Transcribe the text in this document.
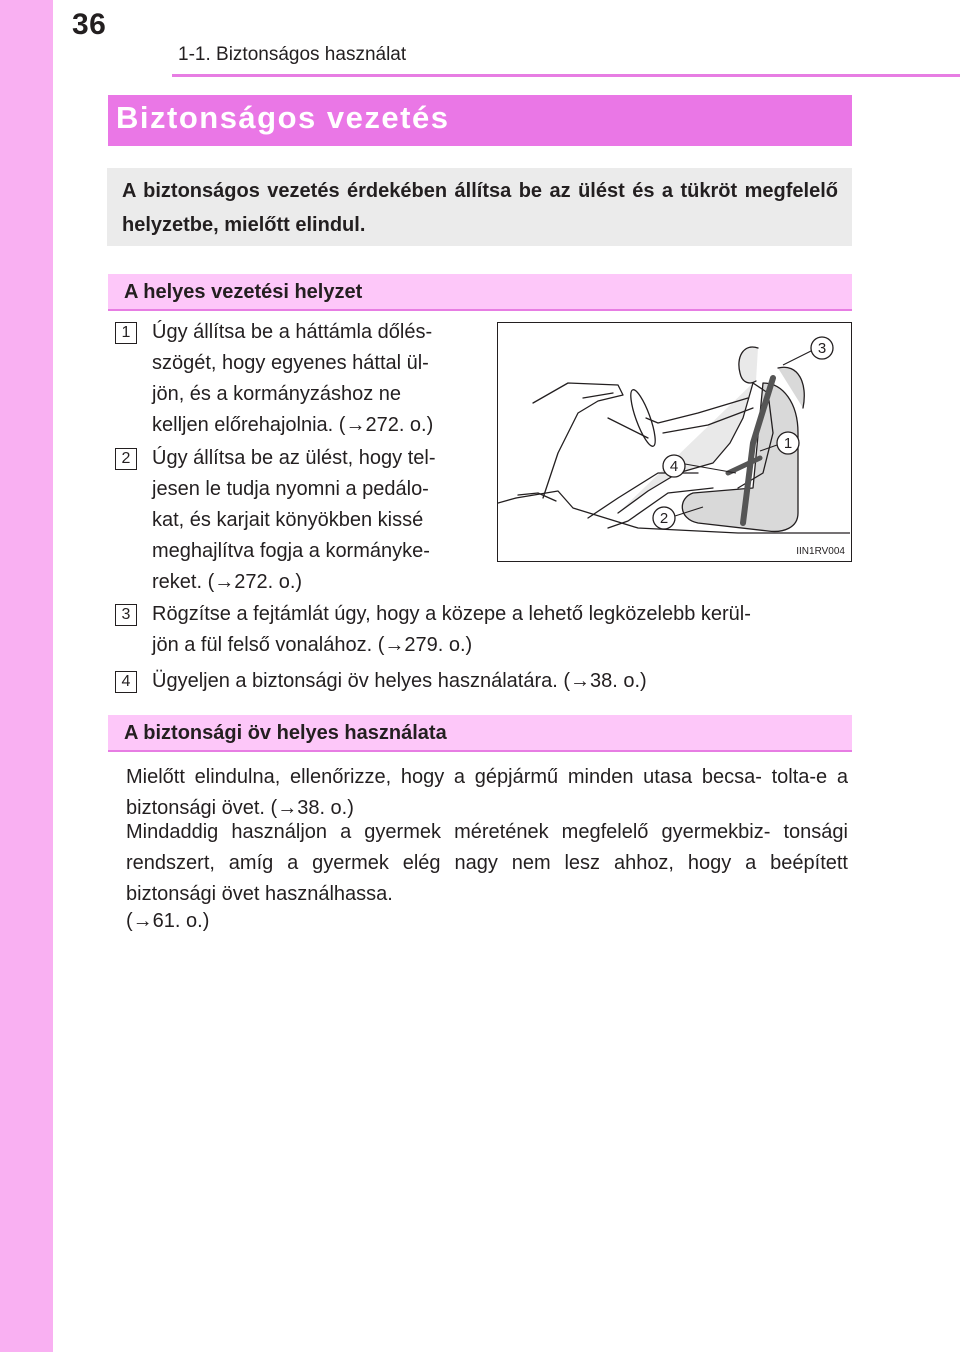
36
1-1. Biztonságos használat
Biztonságos vezetés
A biztonságos vezetés érdekében állítsa be az ülést és a tükröt megfelelő helyzetbe, mielőtt elindul.
A helyes vezetési helyzet
1	Úgy állítsa be a háttámla dőlés-
szögét, hogy egyenes háttal ül-
jön, és a kormányzáshoz ne
kelljen előrehajolnia. (→272. o.)
2	Úgy állítsa be az ülést, hogy tel-
jesen le tudja nyomni a pedálo-
kat, és karjait könyökben kissé
meghajlítva fogja a kormányke-
reket. (→272. o.)
3
1
4
2
IIN1RV004
3	Rögzítse a fejtámlát úgy, hogy a közepe a lehető legközelebb kerül-
jön a fül felső vonalához. (→279. o.)
4	Ügyeljen a biztonsági öv helyes használatára. (→38. o.)
A biztonsági öv helyes használata
Mielőtt elindulna, ellenőrizze, hogy a gépjármű minden utasa becsa- tolta-e a biztonsági övet. (→38. o.)
Mindaddig használjon a gyermek méretének megfelelő gyermekbiz- tonsági rendszert, amíg a gyermek elég nagy nem lesz ahhoz, hogy a beépített biztonsági övet használhassa.
(→61. o.)
